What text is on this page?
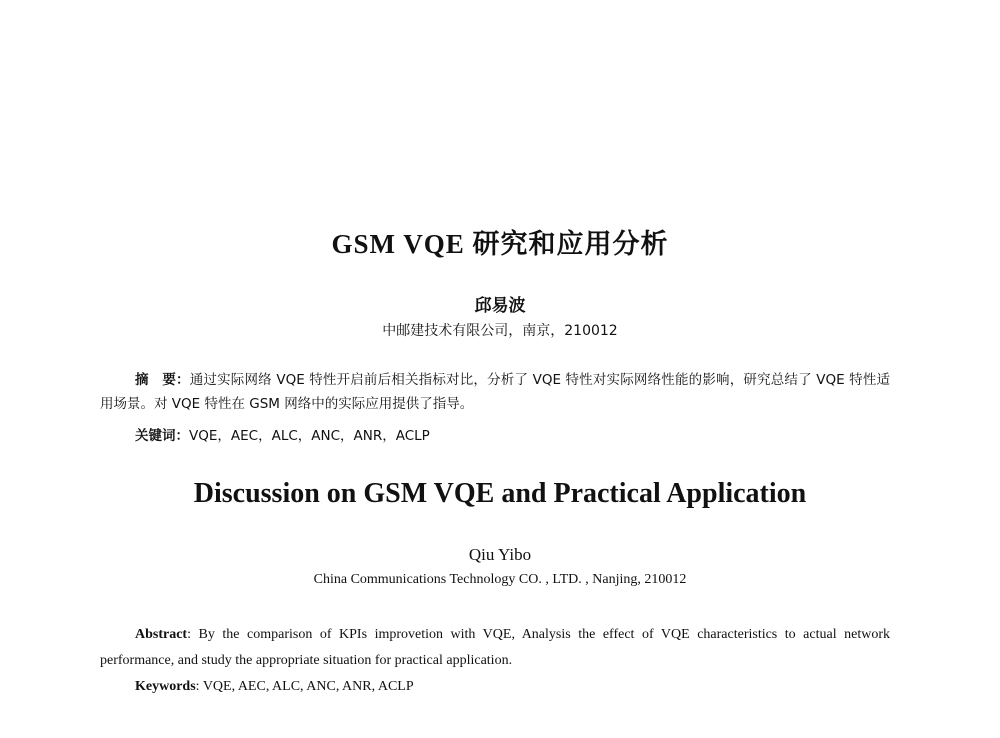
GSM VQE 研究和应用分析
邱易波
中邮建技术有限公司，南京，210012
摘　要：通过实际网络 VQE 特性开启前后相关指标对比，分析了 VQE 特性对实际网络性能的影响，研究总结了 VQE 特性适用场景。对 VQE 特性在 GSM 网络中的实际应用提供了指导。
关键词：VQE，AEC，ALC，ANC，ANR，ACLP
Discussion on GSM VQE and Practical Application
Qiu Yibo
China Communications Technology CO. , LTD. , Nanjing, 210012
Abstract: By the comparison of KPIs improvetion with VQE, Analysis the effect of VQE characteristics to actual network performance, and study the appropriate situation for practical application.
Keywords: VQE, AEC, ALC, ANC, ANR, ACLP
